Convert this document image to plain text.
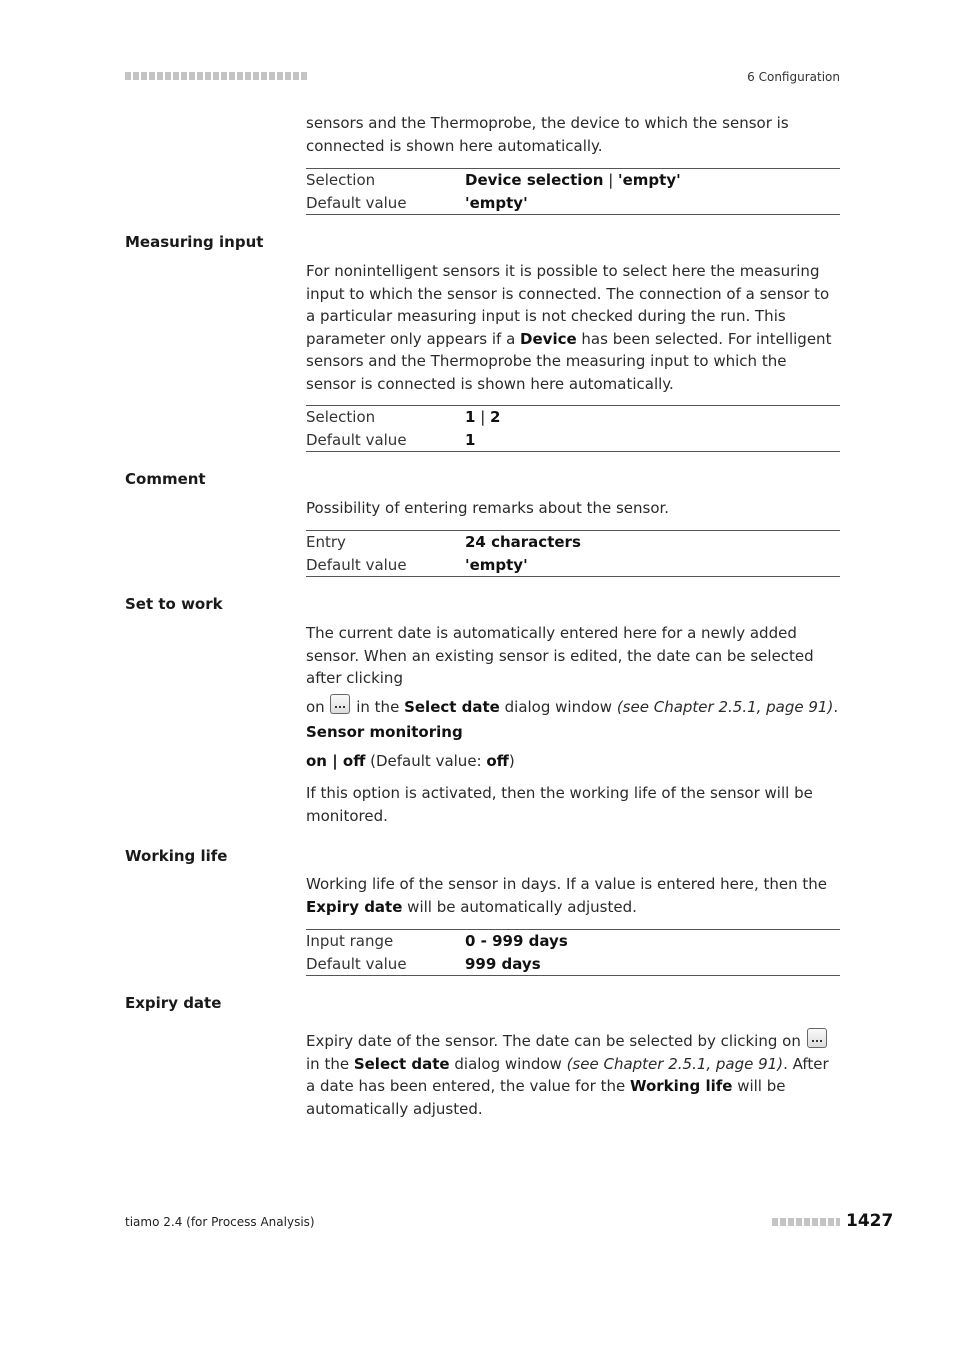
6 Configuration

sensors and the Thermoprobe, the device to which the sensor is connected is shown here automatically.

Selection	Device selection | 'empty'
Default value	'empty'
Measuring input

For nonintelligent sensors it is possible to select here the measuring input to which the sensor is connected. The connection of a sensor to a particular measuring input is not checked during the run. This parameter only appears if a Device has been selected. For intelligent sensors and the Thermoprobe the measuring input to which the sensor is connected is shown here automatically.

Selection	1 | 2
Default value	1
Comment

Possibility of entering remarks about the sensor.

Entry	24 characters
Default value	'empty'
Set to work

The current date is automatically entered here for a newly added sensor. When an existing sensor is edited, the date can be selected after clicking

on  in the Select date dialog window (see Chapter 2.5.1, page 91).

Sensor monitoring

on | off (Default value: off)

If this option is activated, then the working life of the sensor will be monitored.

Working life

Working life of the sensor in days. If a value is entered here, then the Expiry date will be automatically adjusted.

Input range	0 - 999 days
Default value	999 days
Expiry date

Expiry date of the sensor. The date can be selected by clicking on  in the Select date dialog window (see Chapter 2.5.1, page 91). After a date has been entered, the value for the Working life will be automatically adjusted.

tiamo 2.4 (for Process Analysis)	1427
